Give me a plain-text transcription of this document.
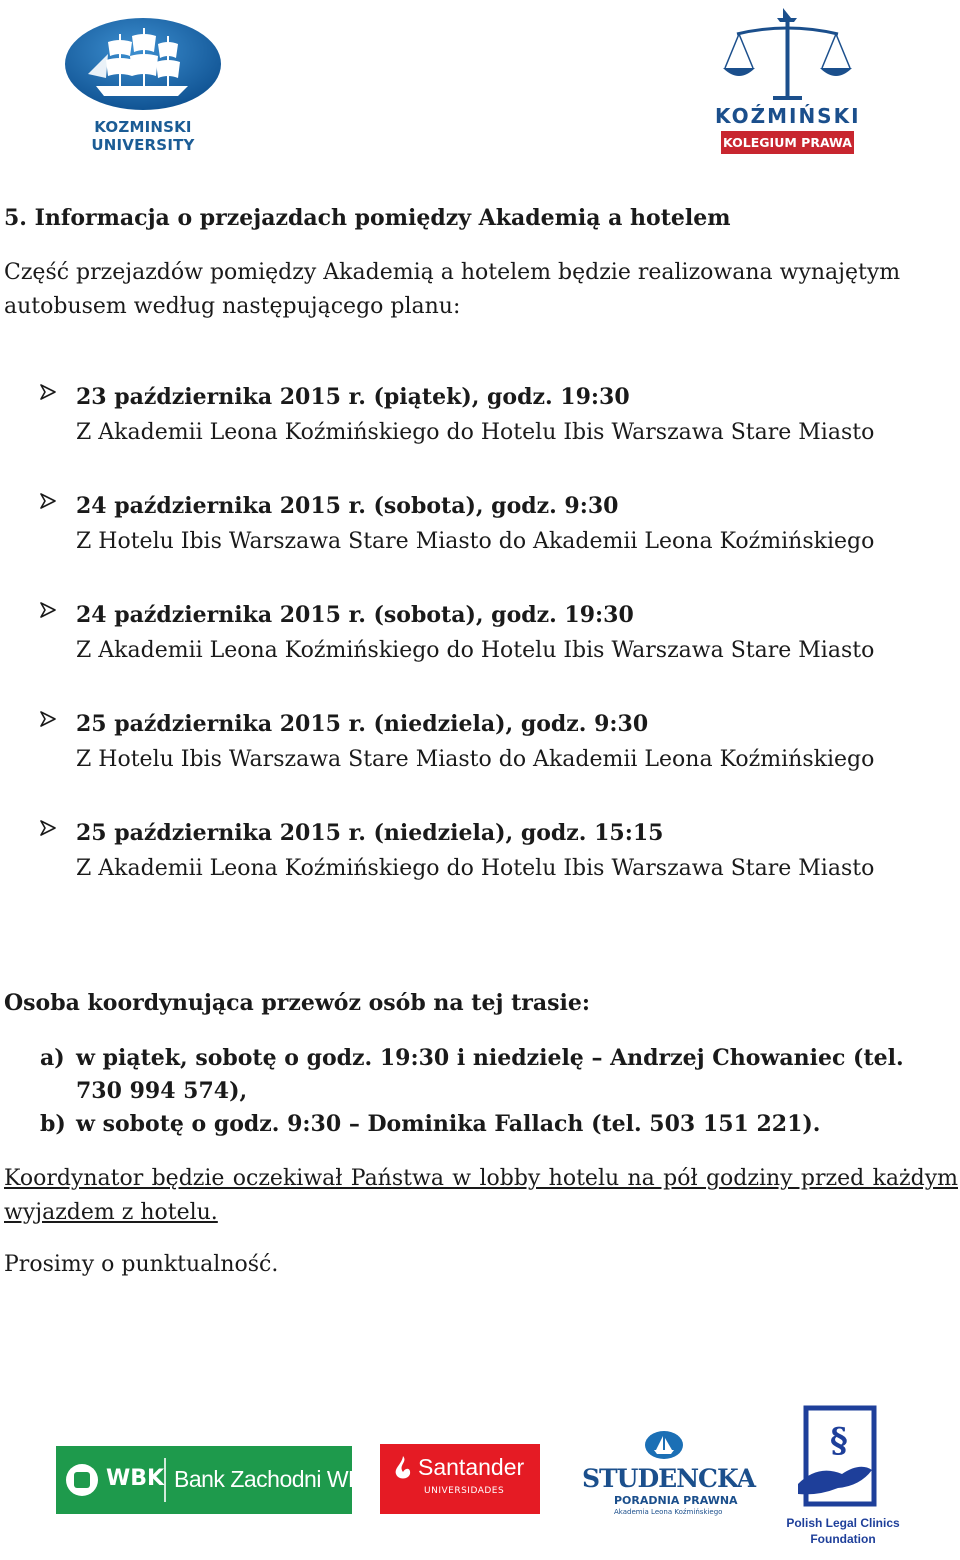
KOZMINSKI UNIVERSITY
KOŹMIŃSKI
KOLEGIUM PRAWA
5. Informacja o przejazdach pomiędzy Akademią a hotelem
Część przejazdów pomiędzy Akademią a hotelem będzie realizowana wynajętym autobusem według następującego planu:
23 października 2015 r. (piątek), godz. 19:30
Z Akademii Leona Koźmińskiego do Hotelu Ibis Warszawa Stare Miasto
24 października 2015 r. (sobota), godz. 9:30
Z Hotelu Ibis Warszawa Stare Miasto do Akademii Leona Koźmińskiego
24 października 2015 r. (sobota), godz. 19:30
Z Akademii Leona Koźmińskiego do Hotelu Ibis Warszawa Stare Miasto
25 października 2015 r. (niedziela), godz. 9:30
Z Hotelu Ibis Warszawa Stare Miasto do Akademii Leona Koźmińskiego
25 października 2015 r. (niedziela), godz. 15:15
Z Akademii Leona Koźmińskiego do Hotelu Ibis Warszawa Stare Miasto
Osoba koordynująca przewóz osób na tej trasie:
a) w piątek, sobotę o godz. 19:30 i niedzielę – Andrzej Chowaniec (tel. 730 994 574),
b) w sobotę o godz. 9:30 – Dominika Fallach (tel. 503 151 221).
Koordynator będzie oczekiwał Państwa w lobby hotelu na pół godziny przed każdym wyjazdem z hotelu.
Prosimy o punktualność.
WBK Bank Zachodni WBK Santander
UNIVERSIDADES	STUDENCKA
PORADNIA PRAWNA
Akademia Leona Koźmińskiego
§
Polish Legal Clinics
Foundation
